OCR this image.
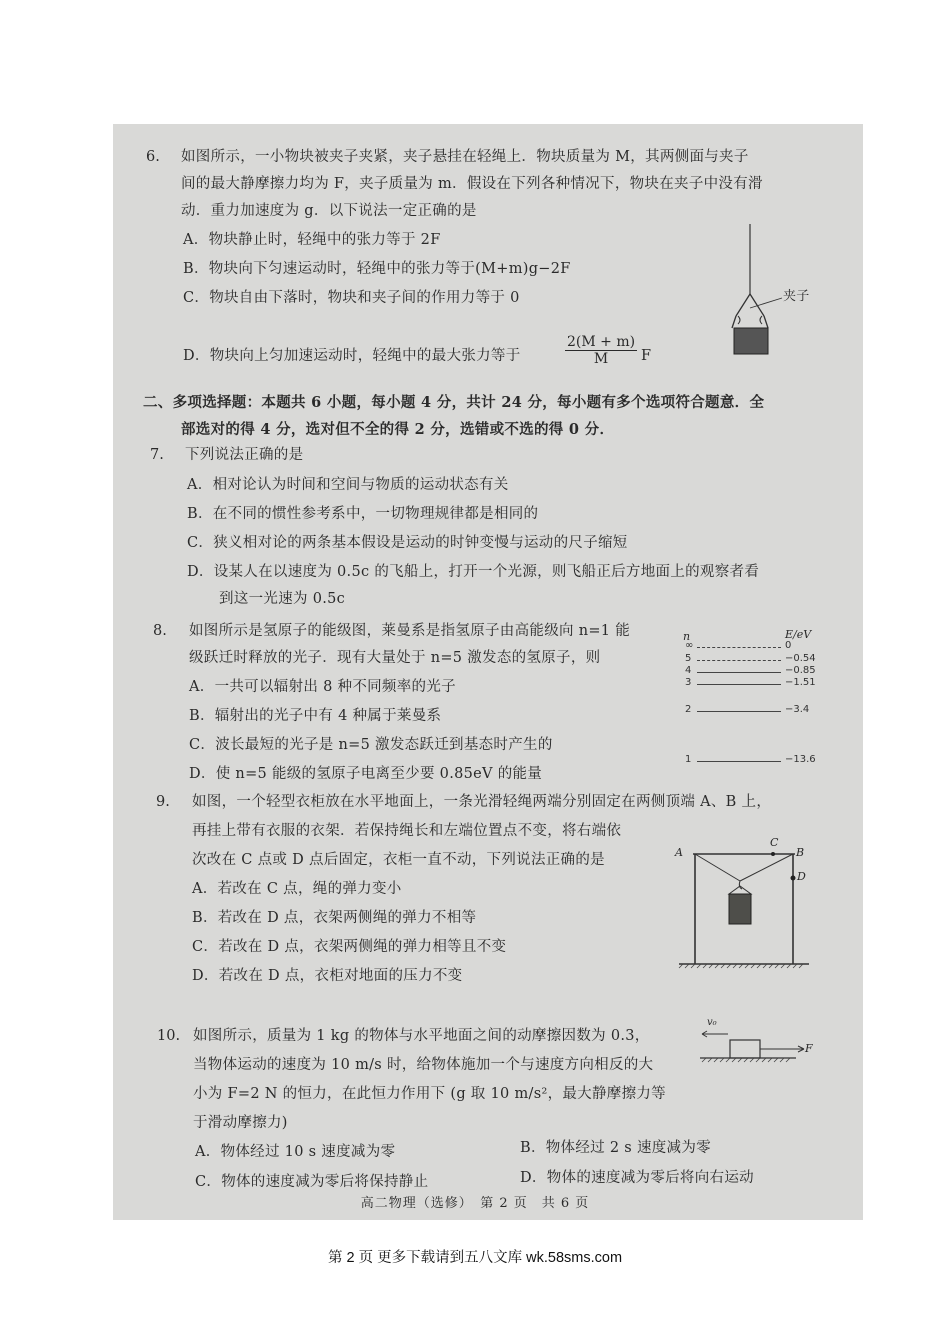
6. 如图所示，一小物块被夹子夹紧，夹子悬挂在轻绳上．物块质量为 M，其两侧面与夹子
间的最大静摩擦力均为 F，夹子质量为 m．假设在下列各种情况下，物块在夹子中没有滑
动．重力加速度为 g．以下说法一定正确的是
A．物块静止时，轻绳中的张力等于 2F
B．物块向下匀速运动时，轻绳中的张力等于(M+m)g−2F
C．物块自由下落时，物块和夹子间的作用力等于 0
D．物块向上匀加速运动时，轻绳中的最大张力等于	$\frac{2(M + m)}{M}$ F
夹子
二、多项选择题：本题共 6 小题，每小题 4 分，共计 24 分，每小题有多个选项符合题意．全
部选对的得 4 分，选对但不全的得 2 分，选错或不选的得 0 分．
7. 下列说法正确的是
A．相对论认为时间和空间与物质的运动状态有关
B．在不同的惯性参考系中，一切物理规律都是相同的
C．狭义相对论的两条基本假设是运动的时钟变慢与运动的尺子缩短
D．设某人在以速度为 0.5c 的飞船上，打开一个光源，则飞船正后方地面上的观察者看
到这一光速为 0.5c
8. 如图所示是氢原子的能级图，莱曼系是指氢原子由高能级向 n=1 能
级跃迁时释放的光子．现有大量处于 n=5 激发态的氢原子，则
A．一共可以辐射出 8 种不同频率的光子
B．辐射出的光子中有 4 种属于莱曼系
C．波长最短的光子是 n=5 激发态跃迁到基态时产生的
D．使 n=5 能级的氢原子电离至少要 0.85eV 的能量
n	E/eV
∞	0
5	−0.54
4	−0.85
3	−1.51
2	−3.4
1	−13.6
9. 如图，一个轻型衣柜放在水平地面上，一条光滑轻绳两端分别固定在两侧顶端 A、B 上，
再挂上带有衣服的衣架．若保持绳长和左端位置点不变，将右端依
次改在 C 点或 D 点后固定，衣柜一直不动，下列说法正确的是
A．若改在 C 点，绳的弹力变小
B．若改在 D 点，衣架两侧绳的弹力不相等
C．若改在 D 点，衣架两侧绳的弹力相等且不变
D．若改在 D 点，衣柜对地面的压力不变
A
C
B
D
10. 如图所示，质量为 1 kg 的物体与水平地面之间的动摩擦因数为 0.3，
当物体运动的速度为 10 m/s 时，给物体施加一个与速度方向相反的大
小为 F=2 N 的恒力，在此恒力作用下 (g 取 10 m/s²，最大静摩擦力等
于滑动摩擦力)
A．物体经过 10 s 速度减为零	B．物体经过 2 s 速度减为零
C．物体的速度减为零后将保持静止	D．物体的速度减为零后将向右运动
v₀
F
高二物理（选修）　第 2 页　共 6 页
第 2 页 更多下载请到五八文库 wk.58sms.com
